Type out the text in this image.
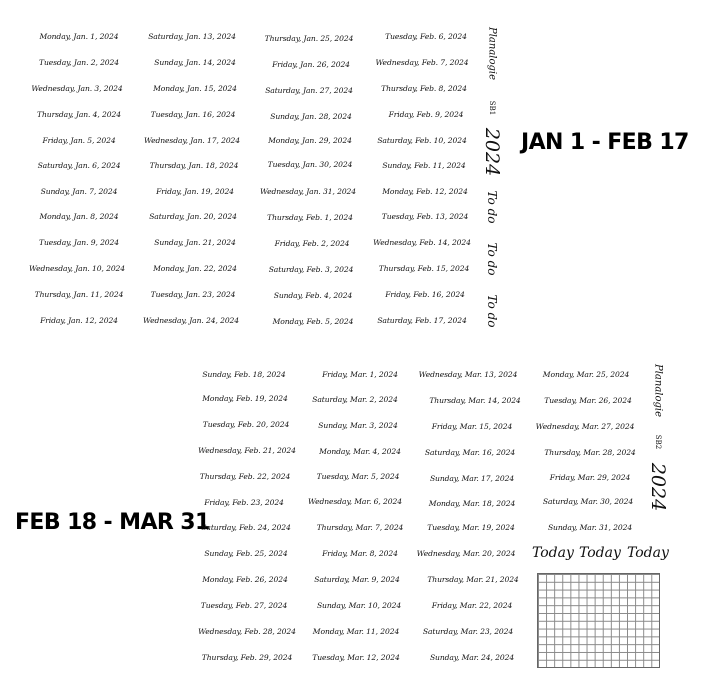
Monday, Jan. 1, 2024
Tuesday, Jan. 2, 2024
Wednesday, Jan. 3, 2024
Thursday, Jan. 4, 2024
Friday, Jan. 5, 2024
Saturday, Jan. 6, 2024
Sunday, Jan. 7, 2024
Monday, Jan. 8, 2024
Tuesday, Jan. 9, 2024
Wednesday, Jan. 10, 2024
Thursday, Jan. 11, 2024
Friday, Jan. 12, 2024
Saturday, Jan. 13, 2024
Sunday, Jan. 14, 2024
Monday, Jan. 15, 2024
Tuesday, Jan. 16, 2024
Wednesday, Jan. 17, 2024
Thursday, Jan. 18, 2024
Friday, Jan. 19, 2024
Saturday, Jan. 20, 2024
Sunday, Jan. 21, 2024
Monday, Jan. 22, 2024
Tuesday, Jan. 23, 2024
Wednesday, Jan. 24, 2024
Thursday, Jan. 25, 2024
Friday, Jan. 26, 2024
Saturday, Jan. 27, 2024
Sunday, Jan. 28, 2024
Monday, Jan. 29, 2024
Tuesday, Jan. 30, 2024
Wednesday, Jan. 31, 2024
Thursday, Feb. 1, 2024
Friday, Feb. 2, 2024
Saturday, Feb. 3, 2024
Sunday, Feb. 4, 2024
Monday, Feb. 5, 2024
Tuesday, Feb. 6, 2024
Wednesday, Feb. 7, 2024
Thursday, Feb. 8, 2024
Friday, Feb. 9, 2024
Saturday, Feb. 10, 2024
Sunday, Feb. 11, 2024
Monday, Feb. 12, 2024
Tuesday, Feb. 13, 2024
Wednesday, Feb. 14, 2024
Thursday, Feb. 15, 2024
Friday, Feb. 16, 2024
Saturday, Feb. 17, 2024
Planalogie
SB1
2024
To do
To do
To do
JAN 1 - FEB 17
FEB 18 - MAR 31
Sunday, Feb. 18, 2024
Monday, Feb. 19, 2024
Tuesday, Feb. 20, 2024
Wednesday, Feb. 21, 2024
Thursday, Feb. 22, 2024
Friday, Feb. 23, 2024
Saturday, Feb. 24, 2024
Sunday, Feb. 25, 2024
Monday, Feb. 26, 2024
Tuesday, Feb. 27, 2024
Wednesday, Feb. 28, 2024
Thursday, Feb. 29, 2024
Friday, Mar. 1, 2024
Saturday, Mar. 2, 2024
Sunday, Mar. 3, 2024
Monday, Mar. 4, 2024
Tuesday, Mar. 5, 2024
Wednesday, Mar. 6, 2024
Thursday, Mar. 7, 2024
Friday, Mar. 8, 2024
Saturday, Mar. 9, 2024
Sunday, Mar. 10, 2024
Monday, Mar. 11, 2024
Tuesday, Mar. 12, 2024
Wednesday, Mar. 13, 2024
Thursday, Mar. 14, 2024
Friday, Mar. 15, 2024
Saturday, Mar. 16, 2024
Sunday, Mar. 17, 2024
Monday, Mar. 18, 2024
Tuesday, Mar. 19, 2024
Wednesday, Mar. 20, 2024
Thursday, Mar. 21, 2024
Friday, Mar. 22, 2024
Saturday, Mar. 23, 2024
Sunday, Mar. 24, 2024
Monday, Mar. 25, 2024
Tuesday, Mar. 26, 2024
Wednesday, Mar. 27, 2024
Thursday, Mar. 28, 2024
Friday, Mar. 29, 2024
Saturday, Mar. 30, 2024
Sunday, Mar. 31, 2024
Planalogie
SB2
2024
Today Today Today
